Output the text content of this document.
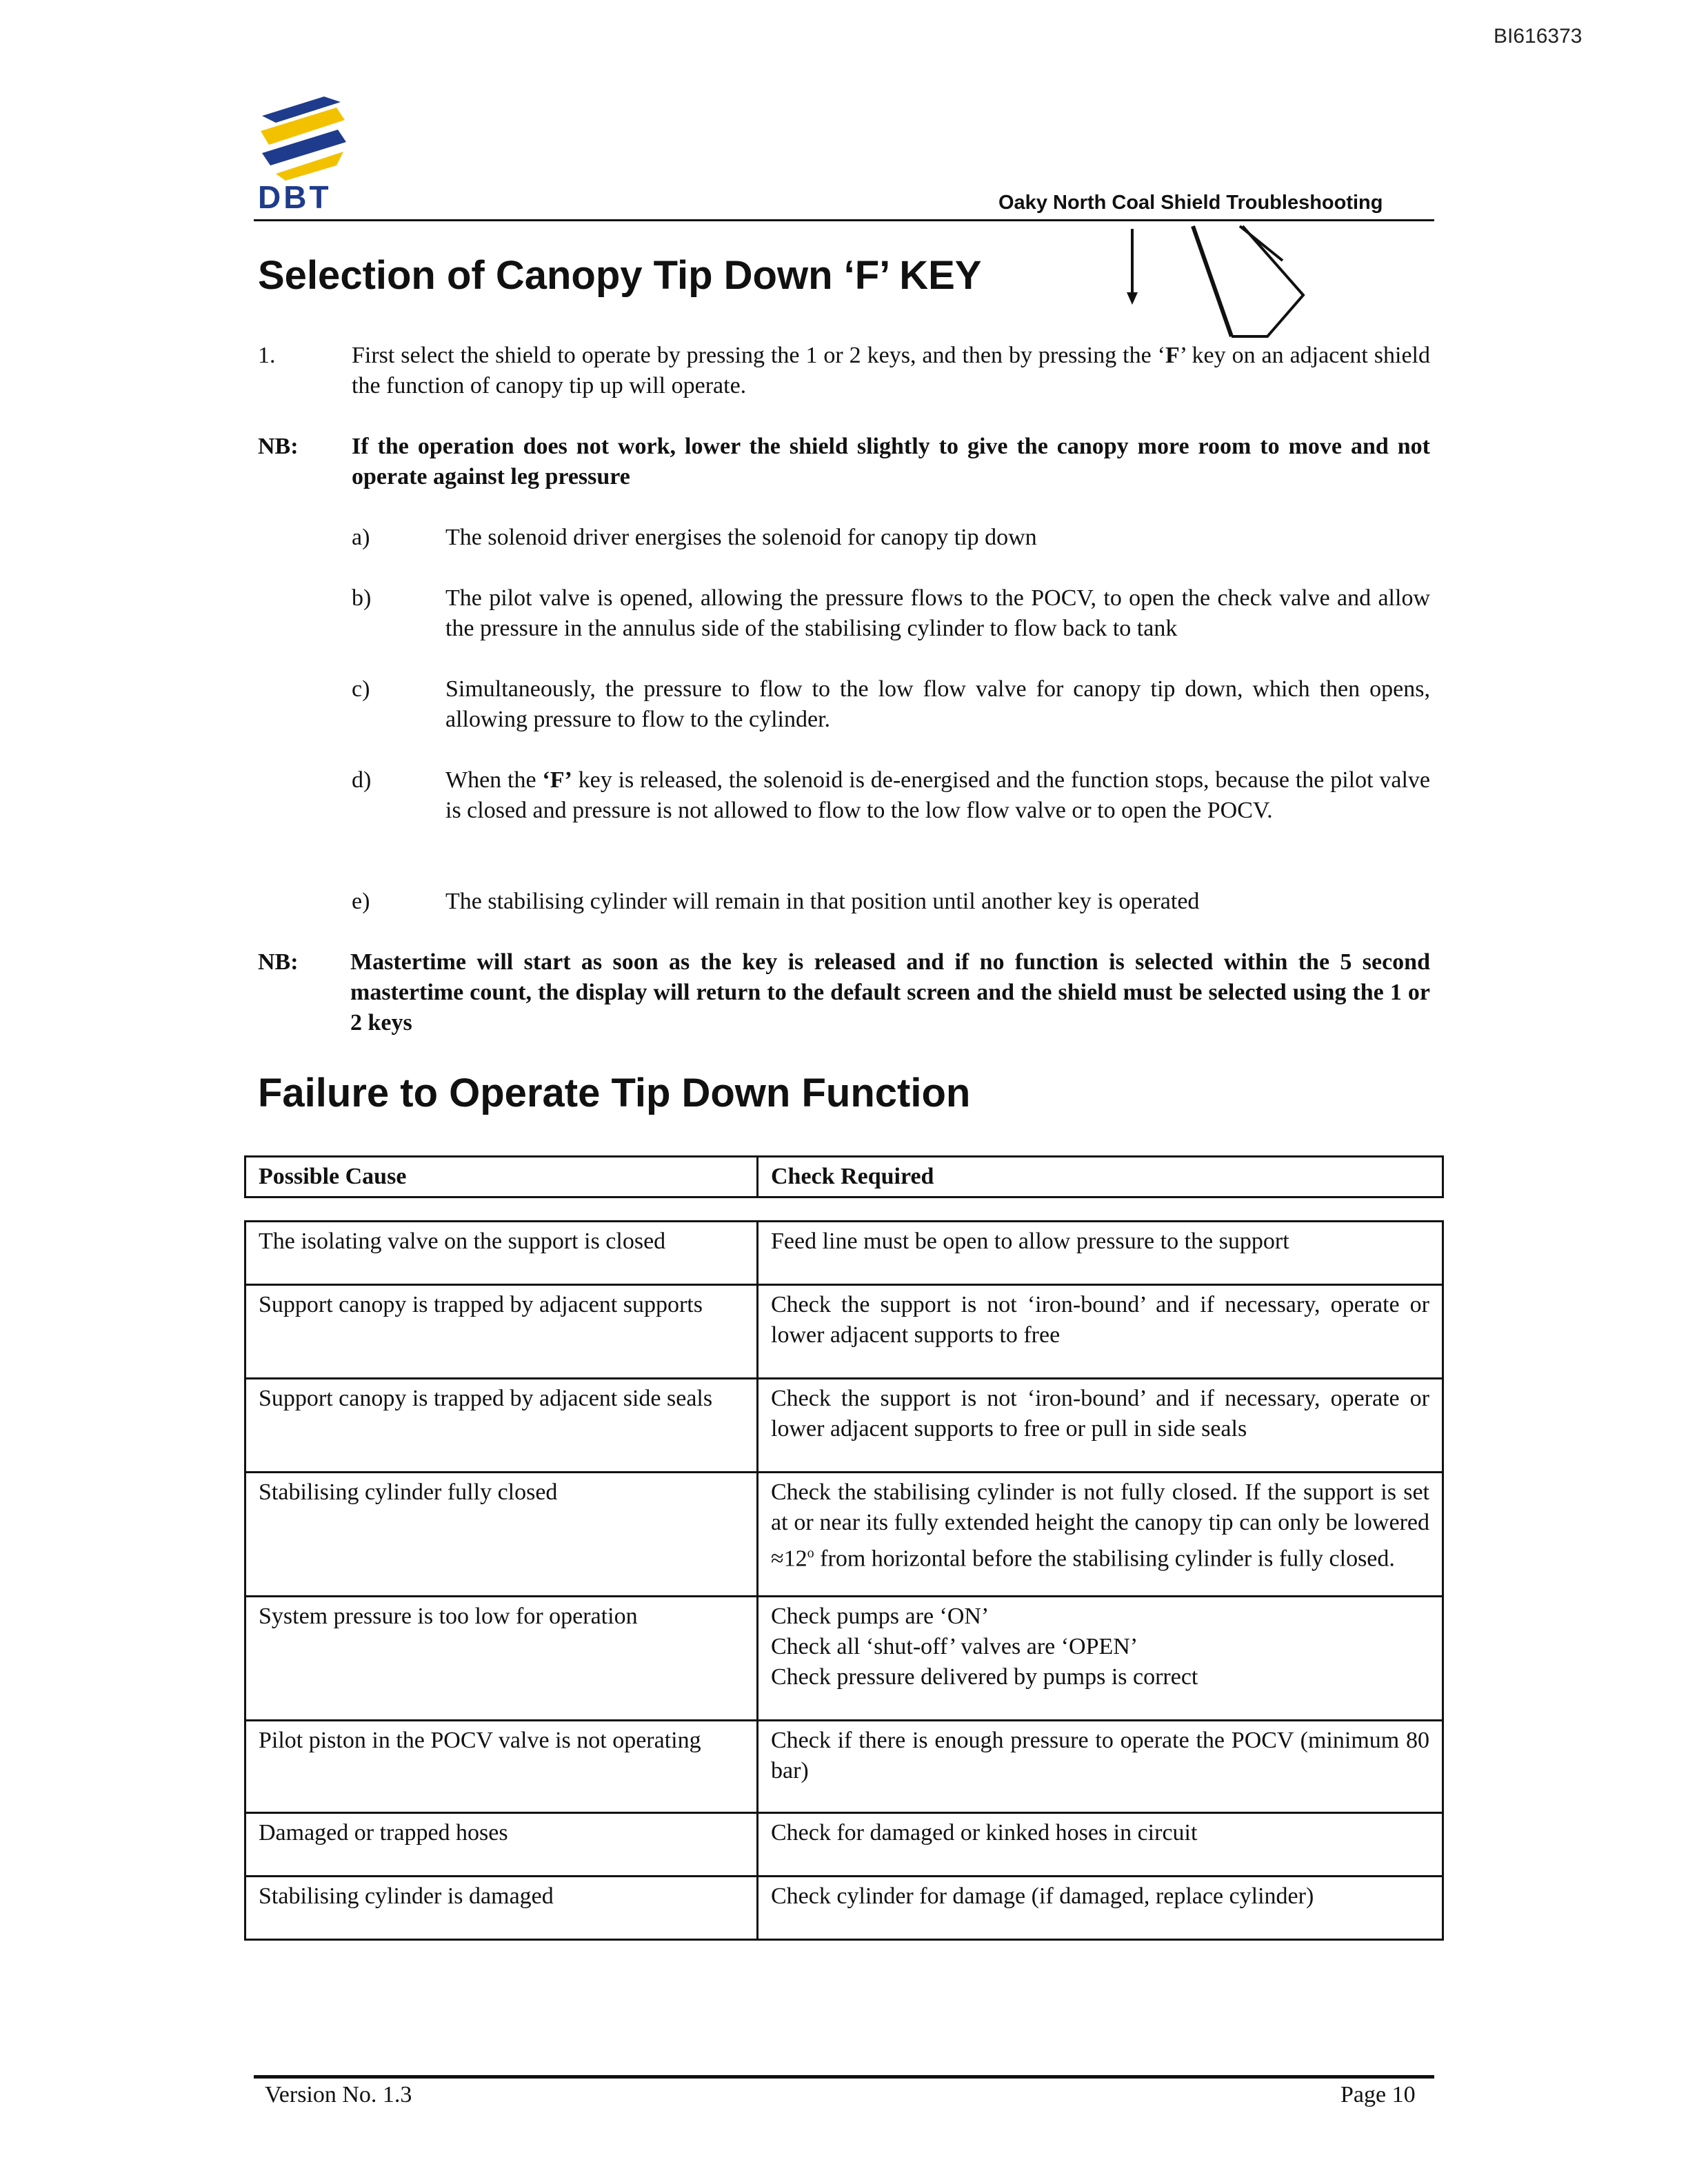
BI616373
DBT	Oaky North Coal Shield Troubleshooting
Selection of Canopy Tip Down ‘F’ KEY
1.	First select the shield to operate by pressing the 1 or 2 keys, and then by pressing the ‘F’ key on an adjacent shield the function of canopy tip up will operate.

NB: If the operation does not work, lower the shield slightly to give the canopy more room to move and not operate against leg pressure

a)	The solenoid driver energises the solenoid for canopy tip down

b)	The pilot valve is opened, allowing the pressure flows to the POCV, to open the check valve and allow the pressure in the annulus side of the stabilising cylinder to flow back to tank

c)	Simultaneously, the pressure to flow to the low flow valve for canopy tip down, which then opens, allowing pressure to flow to the cylinder.

d)	When the ‘F’ key is released, the solenoid is de-energised and the function stops, because the pilot valve is closed and pressure is not allowed to flow to the low flow valve or to open the POCV.

e)	The stabilising cylinder will remain in that position until another key is operated

NB: Mastertime will start as soon as the key is released and if no function is selected within the 5 second mastertime count, the display will return to the default screen and the shield must be selected using the 1 or 2 keys

Failure to Operate Tip Down Function
Possible Cause	Check Required
The isolating valve on the support is closed	Feed line must be open to allow pressure to the support
Support canopy is trapped by adjacent supports	Check the support is not ‘iron-bound’ and if necessary, operate or lower adjacent supports to free
Support canopy is trapped by adjacent side seals	Check the support is not ‘iron-bound’ and if necessary, operate or lower adjacent supports to free or pull in side seals
Stabilising cylinder fully closed	Check the stabilising cylinder is not fully closed. If the support is set at or near its fully extended height the canopy tip can only be lowered $\approx 12^o$ from horizontal before the stabilising cylinder is fully closed.
System pressure is too low for operation	Check pumps are ‘ON’
Check all ‘shut-off’ valves are ‘OPEN’
Check pressure delivered by pumps is correct

Pilot piston in the POCV valve is not operating	Check if there is enough pressure to operate the POCV (minimum 80 bar)
Damaged or trapped hoses	Check for damaged or kinked hoses in circuit
Stabilising cylinder is damaged	Check cylinder for damage (if damaged, replace cylinder)
Version No. 1.3	Page 10
